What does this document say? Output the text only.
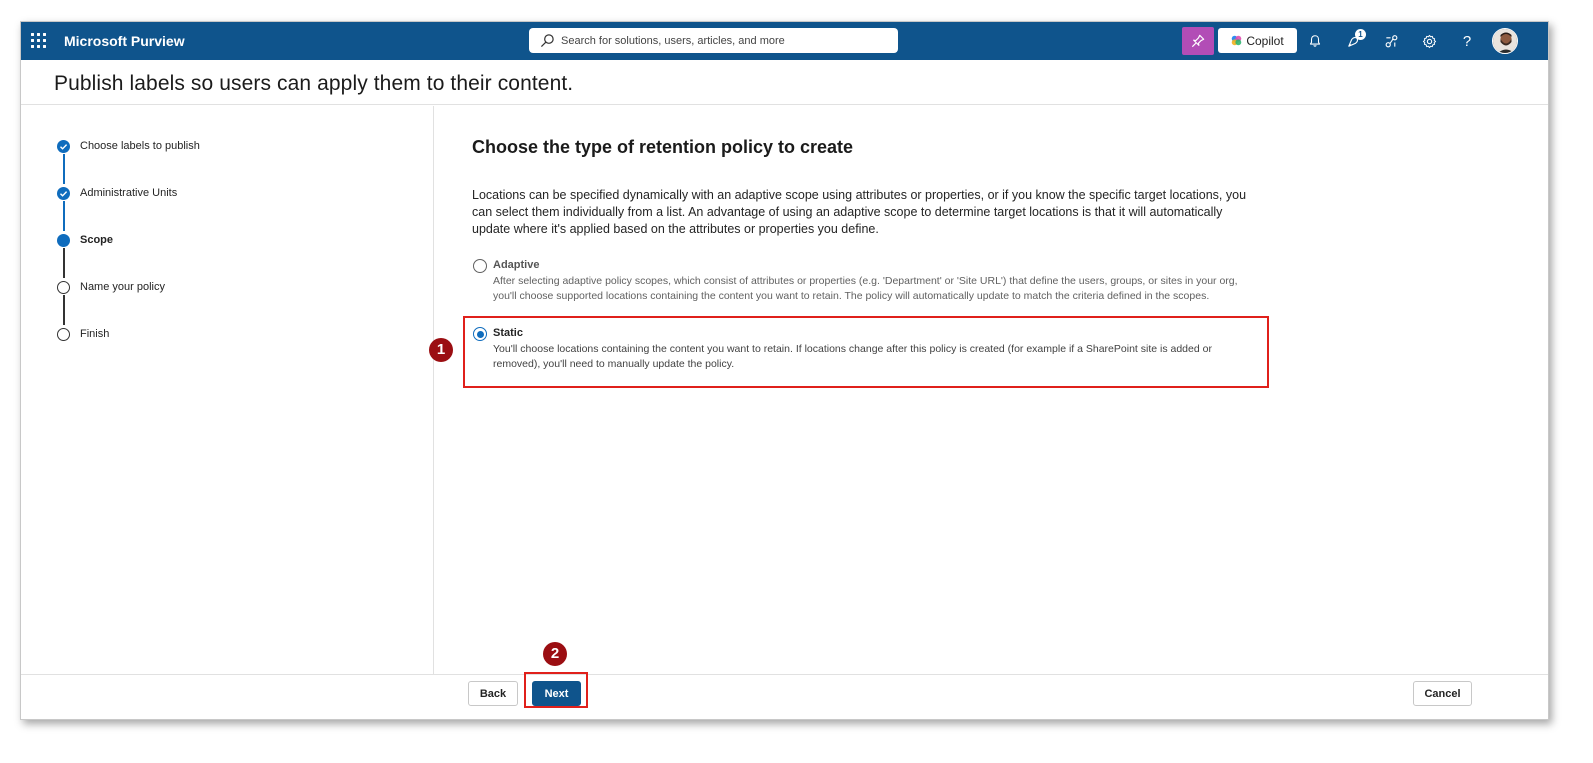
Microsoft Purview
Search for solutions, users, articles, and more	Copilot	1	?
Publish labels so users can apply them to their content.
Choose labels to publish
Administrative Units
Scope
Name your policy
Finish
Choose the type of retention policy to create

Locations can be specified dynamically with an adaptive scope using attributes or properties, or if you know the specific target locations, you can select them individually from a list. An advantage of using an adaptive scope to determine target locations is that it will automatically update where it's applied based on the attributes or properties you define.

Adaptive
After selecting adaptive policy scopes, which consist of attributes or properties (e.g. 'Department' or 'Site URL') that define the users, groups, or sites in your org, you'll choose supported locations containing the content you want to retain. The policy will automatically update to match the criteria defined in the scopes.
Static
You'll choose locations containing the content you want to retain. If locations change after this policy is created (for example if a SharePoint site is added or removed), you'll need to manually update the policy.
1
Back	Next	Cancel
2
